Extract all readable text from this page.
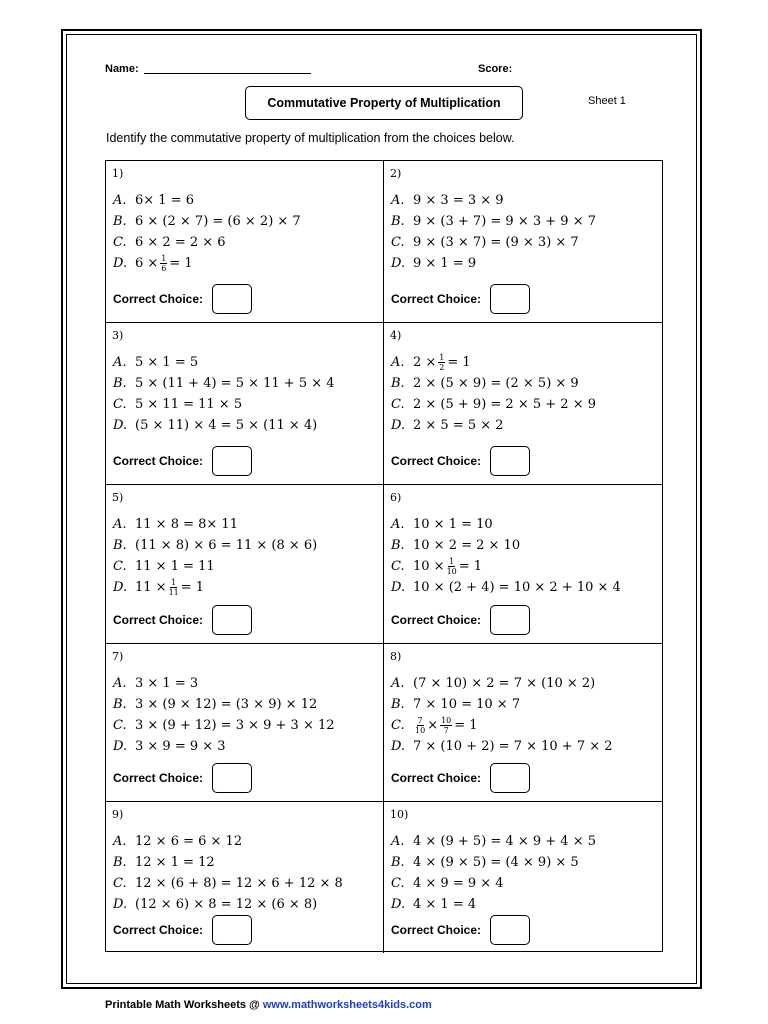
Name:	Score:
Commutative Property of Multiplication	Sheet 1
Identify the commutative property of multiplication from the choices below.
1)
A. 6× 1 = 6
B. 6 × (2 × 7) = (6 × 2) × 7
C. 6 × 2 = 2 × 6
D. $6 \times \frac{1}{6} = 1$
Correct Choice:
2)
A. 9 × 3 = 3 × 9
B. 9 × (3 + 7) = 9 × 3 + 9 × 7
C. 9 × (3 × 7) = (9 × 3) × 7
D. 9 × 1 = 9
Correct Choice:
3)
A. 5 × 1 = 5
B. 5 × (11 + 4) = 5 × 11 + 5 × 4
C. 5 × 11 = 11 × 5
D. (5 × 11) × 4 = 5 × (11 × 4)
Correct Choice:
4)
A. $2 \times \frac{1}{2} = 1$
B. 2 × (5 × 9) = (2 × 5) × 9
C. 2 × (5 + 9) = 2 × 5 + 2 × 9
D. 2 × 5 = 5 × 2
Correct Choice:
5)
A. 11 × 8 = 8× 11
B. (11 × 8) × 6 = 11 × (8 × 6)
C. 11 × 1 = 11
D. $11 \times \frac{1}{11} = 1$
Correct Choice:
6)
A. 10 × 1 = 10
B. 10 × 2 = 2 × 10
C. $10 \times \frac{1}{10} = 1$
D. 10 × (2 + 4) = 10 × 2 + 10 × 4
Correct Choice:
7)
A. 3 × 1 = 3
B. 3 × (9 × 12) = (3 × 9) × 12
C. 3 × (9 + 12) = 3 × 9 + 3 × 12
D. 3 × 9 = 9 × 3
Correct Choice:
8)
A. (7 × 10) × 2 = 7 × (10 × 2)
B. 7 × 10 = 10 × 7
C.	$\frac{7}{10} \times \frac{10}{7} = 1$
D. 7 × (10 + 2) = 7 × 10 + 7 × 2
Correct Choice:
9)
A. 12 × 6 = 6 × 12
B. 12 × 1 = 12
C. 12 × (6 + 8) = 12 × 6 + 12 × 8
D. (12 × 6) × 8 = 12 × (6 × 8)
Correct Choice:
10)
A. 4 × (9 + 5) = 4 × 9 + 4 × 5
B. 4 × (9 × 5) = (4 × 9) × 5
C. 4 × 9 = 9 × 4
D. 4 × 1 = 4
Correct Choice:
Printable Math Worksheets @ www.mathworksheets4kids.com
